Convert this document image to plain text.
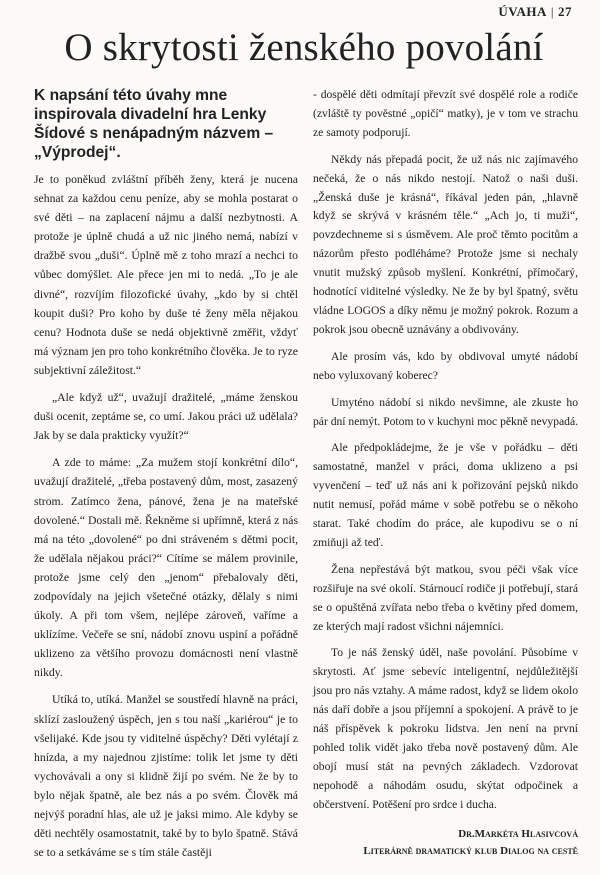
ÚVAHA | 27
O skrytosti ženského povolání

K napsání této úvahy mne inspirovala divadelní hra Lenky Šídové s nenápadným názvem – „Výprodej“.

Je to poněkud zvláštní příběh ženy, která je nucena sehnat za každou cenu peníze, aby se mohla postarat o své děti – na zaplacení nájmu a další nezbytnosti. A protože je úplně chudá a už nic jiného nemá, nabízí v dražbě svou „duši“. Úplně mě z toho mrazí a nechci to vůbec domýšlet. Ale přece jen mi to nedá. „To je ale divné“, rozvíjím filozofické úvahy, „kdo by si chtěl koupit duši? Pro koho by duše té ženy měla nějakou cenu? Hodnota duše se nedá objektivně změřit, vždyť má význam jen pro toho konkrétního člověka. Je to ryze subjektivní záležitost.“

„Ale když už“, uvažují dražitelé, „máme ženskou duši ocenit, zeptáme se, co umí. Jakou práci už udělala? Jak by se dala prakticky využít?“

A zde to máme: „Za mužem stojí konkrétní dílo“, uvažují dražitelé, „třeba postavený dům, most, zasazený strom. Zatímco žena, pánové, žena je na mateřské dovolené.“ Dostali mě. Řekněme si upřímně, která z nás má na této „dovolené“ po dni stráveném s dětmi pocit, že udělala nějakou práci?“ Cítíme se málem provinile, protože jsme celý den „jenom“ přebalovaly děti, zodpovídaly na jejich všetečné otázky, dělaly s nimi úkoly. A při tom všem, nejlépe zároveň, vaříme a uklízíme. Večeře se sní, nádobí znovu uspiní a pořádně uklizeno za většího provozu domácnosti není vlastně nikdy.

Utíká to, utíká. Manžel se soustředí hlavně na práci, sklízí zasloužený úspěch, jen s tou naší „kariérou“ je to všelijaké. Kde jsou ty viditelné úspěchy? Děti vylétají z hnízda, a my najednou zjistíme: tolik let jsme ty děti vychovávali a ony si klidně žijí po svém. Ne že by to bylo nějak špatně, ale bez nás a po svém. Člověk má nejvýš poradní hlas, ale už je jaksi mimo. Ale kdyby se děti nechtěly osamostatnit, také by to bylo špatně. Stává se to a setkáváme se s tím stále častěji

- dospělé děti odmítají převzít své dospělé role a rodiče (zvláště ty pověstné „opičí“ matky), je v tom ve strachu ze samoty podporují.

Někdy nás přepadá pocit, že už nás nic zajímavého nečeká, že o nás nikdo nestojí. Natož o naši duši. „Ženská duše je krásná“, říkával jeden pán, „hlavně když se skrývá v krásném těle.“ „Ach jo, ti muži“, povzdechneme si s úsměvem. Ale proč těmto pocitům a názorům přesto podléháme? Protože jsme si nechaly vnutit mužský způsob myšlení. Konkrétní, přímočarý, hodnotící viditelné výsledky. Ne že by byl špatný, světu vládne LOGOS a díky němu je možný pokrok. Rozum a pokrok jsou obecně uznávány a obdivovány.

Ale prosím vás, kdo by obdivoval umyté nádobí nebo vyluxovaný koberec?

Umyténo nádobí si nikdo nevšimne, ale zkuste ho pár dní nemýt. Potom to v kuchyni moc pěkně nevypadá.

Ale předpokládejme, že je vše v pořádku – děti samostatné, manžel v práci, doma uklizeno a psi vyvenčení – teď už nás ani k pořizování pejsků nikdo nutit nemusí, pořád máme v sobě potřebu se o někoho starat. Také chodím do práce, ale kupodivu se o ní zmiňuji až teď.

Žena nepřestává být matkou, svou péči však více rozšiřuje na své okolí. Stárnoucí rodiče ji potřebují, stará se o opuštěná zvířata nebo třeba o květiny před domem, ze kterých mají radost všichni nájemníci.

To je náš ženský úděl, naše povolání. Působíme v skrytosti. Ať jsme sebevíc inteligentní, nejdůležitější jsou pro nás vztahy. A máme radost, když se lidem okolo nás daří dobře a jsou příjemní a spokojení. A právě to je náš příspěvek k pokroku lidstva. Jen není na první pohled tolik vidět jako třeba nově postavený dům. Ale obojí musí stát na pevných základech. Vzdorovat nepohodě a náhodám osudu, skýtat odpočinek a občerstvení. Potěšení pro srdce i ducha.

Dr.Markéta Hlasivcová
Literárně dramatický klub Dialog na cestě
